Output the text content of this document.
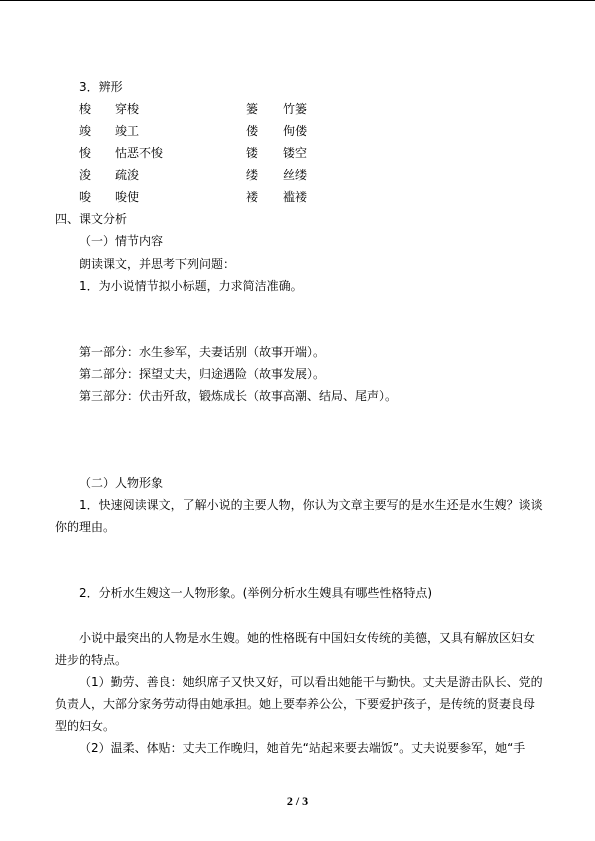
3．辨形
梭 穿梭	篓 竹篓
竣 竣工	偻 佝偻
悛 怙恶不悛	镂 镂空
浚 疏浚	缕 丝缕
唆 唆使	褛 褴褛
四、课文分析
（一）情节内容
朗读课文，并思考下列问题：
1．为小说情节拟小标题，力求简洁准确。
第一部分：水生参军，夫妻话别（故事开端）。
第二部分：探望丈夫，归途遇险（故事发展）。
第三部分：伏击歼敌，锻炼成长（故事高潮、结局、尾声）。
（二）人物形象
1．快速阅读课文，了解小说的主要人物，你认为文章主要写的是水生还是水生嫂？谈谈
你的理由。
2．分析水生嫂这一人物形象。(举例分析水生嫂具有哪些性格特点)
小说中最突出的人物是水生嫂。她的性格既有中国妇女传统的美德，又具有解放区妇女
进步的特点。
（1）勤劳、善良：她织席子又快又好，可以看出她能干与勤快。丈夫是游击队长、党的
负责人，大部分家务劳动得由她承担。她上要奉养公公，下要爱护孩子，是传统的贤妻良母
型的妇女。
（2）温柔、体贴：丈夫工作晚归，她首先“站起来要去端饭”。丈夫说要参军，她“手
2 / 3
